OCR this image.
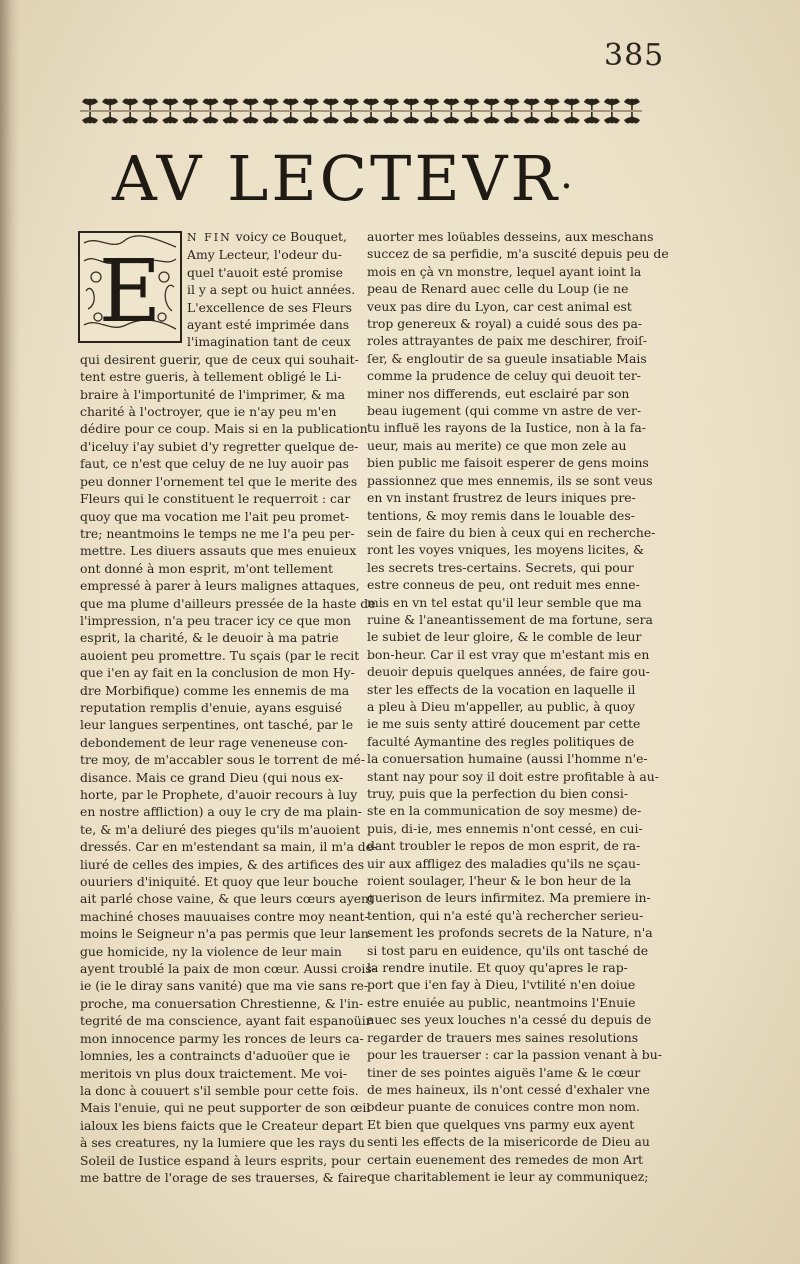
385
AV LECTEVR·
E

N FIN voicy ce Bouquet,

Amy Lecteur, l'odeur du-

quel t'auoit esté promise

il y a sept ou huict années.

L'excellence de ses Fleurs

ayant esté imprimée dans

l'imagination tant de ceux

qui desirent guerir, que de ceux qui souhait-

tent estre gueris, à tellement obligé le Li-

braire à l'importunité de l'imprimer, & ma

charité à l'octroyer, que ie n'ay peu m'en

dédire pour ce coup. Mais si en la publication

d'iceluy i'ay subiet d'y regretter quelque de-

faut, ce n'est que celuy de ne luy auoir pas

peu donner l'ornement tel que le merite des

Fleurs qui le constituent le requerroit : car

quoy que ma vocation me l'ait peu promet-

tre; neantmoins le temps ne me l'a peu per-

mettre. Les diuers assauts que mes enuieux

ont donné à mon esprit, m'ont tellement

empressé à parer à leurs malignes attaques,

que ma plume d'ailleurs pressée de la haste de

l'impression, n'a peu tracer icy ce que mon

esprit, la charité, & le deuoir à ma patrie

auoient peu promettre. Tu sçais (par le recit

que i'en ay fait en la conclusion de mon Hy-

dre Morbifique) comme les ennemis de ma

reputation remplis d'enuie, ayans esguisé

leur langues serpentines, ont tasché, par le

debondement de leur rage veneneuse con-

tre moy, de m'accabler sous le torrent de mé-

disance. Mais ce grand Dieu (qui nous ex-

horte, par le Prophete, d'auoir recours à luy

en nostre affliction) a ouy le cry de ma plain-

te, & m'a deliuré des pieges qu'ils m'auoient

dressés. Car en m'estendant sa main, il m'a de-

liuré de celles des impies, & des artifices des

ouuriers d'iniquité. Et quoy que leur bouche

ait parlé chose vaine, & que leurs cœurs ayent

machiné choses mauuaises contre moy neant-

moins le Seigneur n'a pas permis que leur lan-

gue homicide, ny la violence de leur main

ayent troublé la paix de mon cœur. Aussi crois-

ie (ie le diray sans vanité) que ma vie sans re-

proche, ma conuersation Chrestienne, & l'in-

tegrité de ma conscience, ayant fait espanoüir

mon innocence parmy les ronces de leurs ca-

lomnies, les a contraincts d'aduoüer que ie

meritois vn plus doux traictement. Me voi-

la donc à couuert s'il semble pour cette fois.

Mais l'enuie, qui ne peut supporter de son œil

ialoux les biens faicts que le Createur depart

à ses creatures, ny la lumiere que les rays du

Soleil de Iustice espand à leurs esprits, pour

me battre de l'orage de ses trauerses, & faire

auorter mes loüables desseins, aux meschans

succez de sa perfidie, m'a suscité depuis peu de

mois en çà vn monstre, lequel ayant ioint la

peau de Renard auec celle du Loup (ie ne

veux pas dire du Lyon, car cest animal est

trop genereux & royal) a cuidé sous des pa-

roles attrayantes de paix me deschirer, froiſ-

ſer, & engloutir de sa gueule insatiable Mais

comme la prudence de celuy qui deuoit ter-

miner nos differends, eut esclairé par son

beau iugement (qui comme vn astre de ver-

tu influë les rayons de la Iustice, non à la fa-

ueur, mais au merite) ce que mon zele au

bien public me faisoit esperer de gens moins

passionnez que mes ennemis, ils se sont veus

en vn instant frustrez de leurs iniques pre-

tentions, & moy remis dans le louable des-

sein de faire du bien à ceux qui en recherche-

ront les voyes vniques, les moyens licites, &

les secrets tres-certains. Secrets, qui pour

estre conneus de peu, ont reduit mes enne-

mis en vn tel estat qu'il leur semble que ma

ruine & l'aneantissement de ma fortune, sera

le subiet de leur gloire, & le comble de leur

bon-heur. Car il est vray que m'estant mis en

deuoir depuis quelques années, de faire gou-

ster les effects de la vocation en laquelle il

a pleu à Dieu m'appeller, au public, à quoy

ie me suis senty attiré doucement par cette

faculté Aymantine des regles politiques de

la conuersation humaine (aussi l'homme n'e-

stant nay pour soy il doit estre profitable à au-

truy, puis que la perfection du bien consi-

ste en la communication de soy mesme) de-

puis, di-ie, mes ennemis n'ont cessé, en cui-

dant troubler le repos de mon esprit, de ra-

uir aux affligez des maladies qu'ils ne sçau-

roient soulager, l'heur & le bon heur de la

guerison de leurs infirmitez. Ma premiere in-

tention, qui n'a esté qu'à rechercher serieu-

sement les profonds secrets de la Nature, n'a

si tost paru en euidence, qu'ils ont tasché de

la rendre inutile. Et quoy qu'apres le rap-

port que i'en fay à Dieu, l'vtilité n'en doiue

estre enuiée au public, neantmoins l'Enuie

auec ses yeux louches n'a cessé du depuis de

regarder de trauers mes saines resolutions

pour les trauerser : car la passion venant à bu-

tiner de ses pointes aiguës l'ame & le cœur

de mes haineux, ils n'ont cessé d'exhaler vne

odeur puante de conuices contre mon nom.

Et bien que quelques vns parmy eux ayent

senti les effects de la misericorde de Dieu au

certain euenement des remedes de mon Art

que charitablement ie leur ay communiquez;
